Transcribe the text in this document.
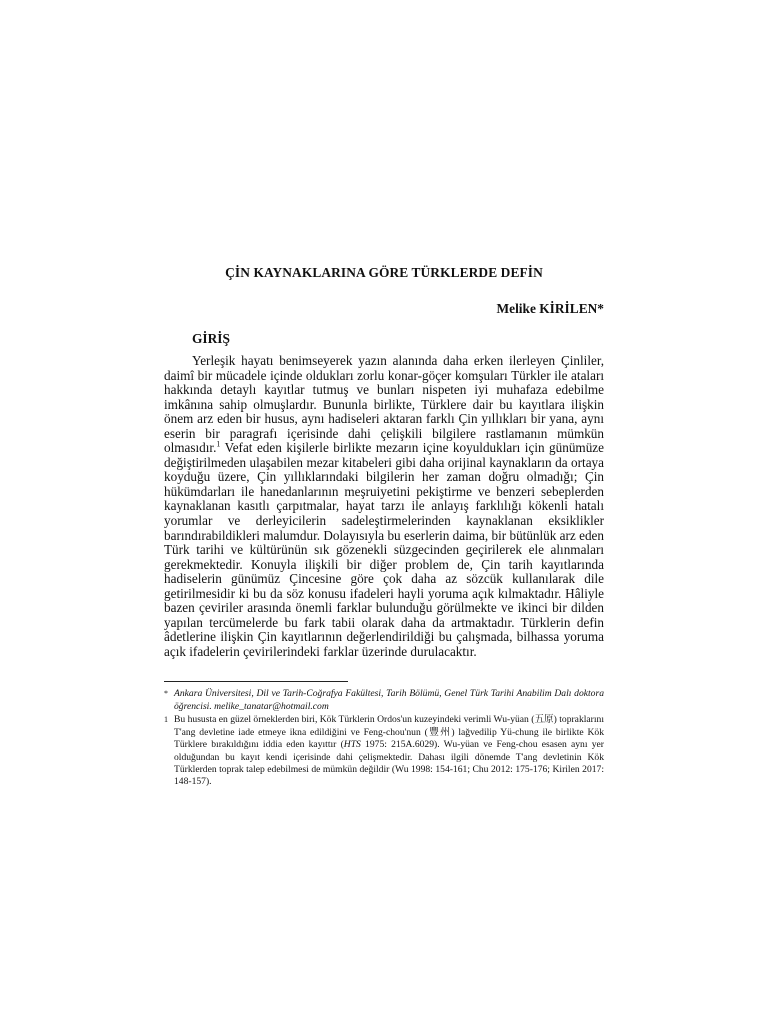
ÇİN KAYNAKLARINA GÖRE TÜRKLERDE DEFİN

Melike KİRİLEN*

GİRİŞ

Yerleşik hayatı benimseyerek yazın alanında daha erken ilerleyen Çinliler, daimî bir mücadele içinde oldukları zorlu konar-göçer komşuları Türkler ile ataları hakkında detaylı kayıtlar tutmuş ve bunları nispeten iyi muhafaza edebilme imkânına sahip olmuşlardır. Bununla birlikte, Türklere dair bu kayıtlara ilişkin önem arz eden bir husus, aynı hadiseleri aktaran farklı Çin yıllıkları bir yana, aynı eserin bir paragrafı içerisinde dahi çelişkili bilgilere rastlamanın mümkün olmasıdır.$^1$ Vefat eden kişilerle birlikte mezarın içine koyuldukları için günümüze değiştirilmeden ulaşabilen mezar kitabeleri gibi daha orijinal kaynakların da ortaya koyduğu üzere, Çin yıllıklarındaki bilgilerin her zaman doğru olmadığı; Çin hükümdarları ile hanedanlarının meşruiyetini pekiştirme ve benzeri sebeplerden kaynaklanan kasıtlı çarpıtmalar, hayat tarzı ile anlayış farklılığı kökenli hatalı yorumlar ve derleyicilerin sadeleştirmelerinden kaynaklanan eksiklikler barındırabildikleri malumdur. Dolayısıyla bu eserlerin daima, bir bütünlük arz eden Türk tarihi ve kültürünün sık gözenekli süzgecinden geçirilerek ele alınmaları gerekmektedir. Konuyla ilişkili bir diğer problem de, Çin tarih kayıtlarında hadiselerin günümüz Çincesine göre çok daha az sözcük kullanılarak dile getirilmesidir ki bu da söz konusu ifadeleri hayli yoruma açık kılmaktadır. Hâliyle bazen çeviriler arasında önemli farklar bulunduğu görülmekte ve ikinci bir dilden yapılan tercümelerde bu fark tabii olarak daha da artmaktadır. Türklerin defin âdetlerine ilişkin Çin kayıtlarının değerlendirildiği bu çalışmada, bilhassa yoruma açık ifadelerin çevirilerindeki farklar üzerinde durulacaktır.

* Ankara Üniversitesi, Dil ve Tarih-Coğrafya Fakültesi, Tarih Bölümü, Genel Türk Tarihi Anabilim Dalı doktora öğrencisi. melike_tanatar@hotmail.com

1 Bu hususta en güzel örneklerden biri, Kök Türklerin Ordos'un kuzeyindeki verimli Wu-yüan (五原) topraklarını T'ang devletine iade etmeye ikna edildiğini ve Feng-chou'nun (豐州) lağvedilip Yü-chung ile birlikte Kök Türklere bırakıldığını iddia eden kayıttır (HTS 1975: 215A.6029). Wu-yüan ve Feng-chou esasen aynı yer olduğundan bu kayıt kendi içerisinde dahi çelişmektedir. Dahası ilgili dönemde T'ang devletinin Kök Türklerden toprak talep edebilmesi de mümkün değildir (Wu 1998: 154-161; Chu 2012: 175-176; Kirilen 2017: 148-157).
